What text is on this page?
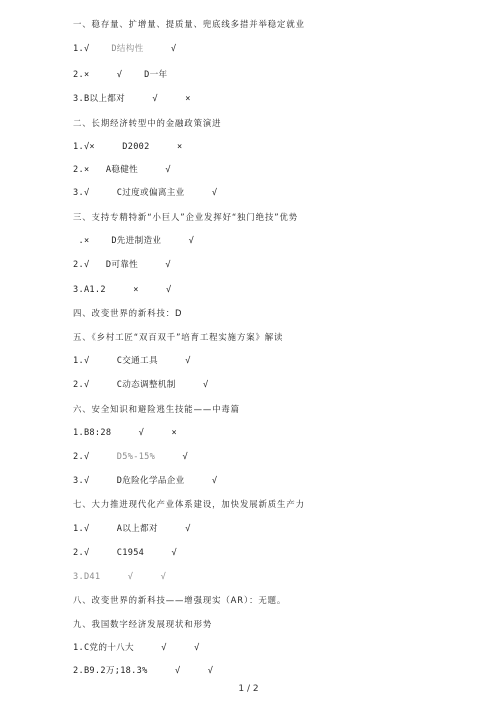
一、稳存量、扩增量、提质量、兜底线多措并举稳定就业
1.√    D结构性     √
2.×     √    D一年
3.B以上都对     √     ×
二、长期经济转型中的金融政策演进
1.√×     D2002     ×
2.×   A稳健性     √
3.√     C过度或偏离主业     √
三、支持专精特新“小巨人”企业发挥好“独门绝技”优势
.×    D先进制造业     √
2.√   D可靠性     √
3.A1.2     ×     √
四、改变世界的新科技：D
五、《乡村工匠“双百双千”培育工程实施方案》解读
1.√     C交通工具     √
2.√     C动态调整机制     √
六、安全知识和避险逃生技能——中毒篇
1.B8:28     √     ×
2.√     D5%-15%     √
3.√     D危险化学品企业     √
七、大力推进现代化产业体系建设，加快发展新质生产力
1.√     A以上都对     √
2.√     C1954     √
3.D41     √     √
八、改变世界的新科技——增强现实（AR）：无题。
九、我国数字经济发展现状和形势
1.C党的十八大     √     √
2.B9.2万;18.3%     √     √
1 / 2
